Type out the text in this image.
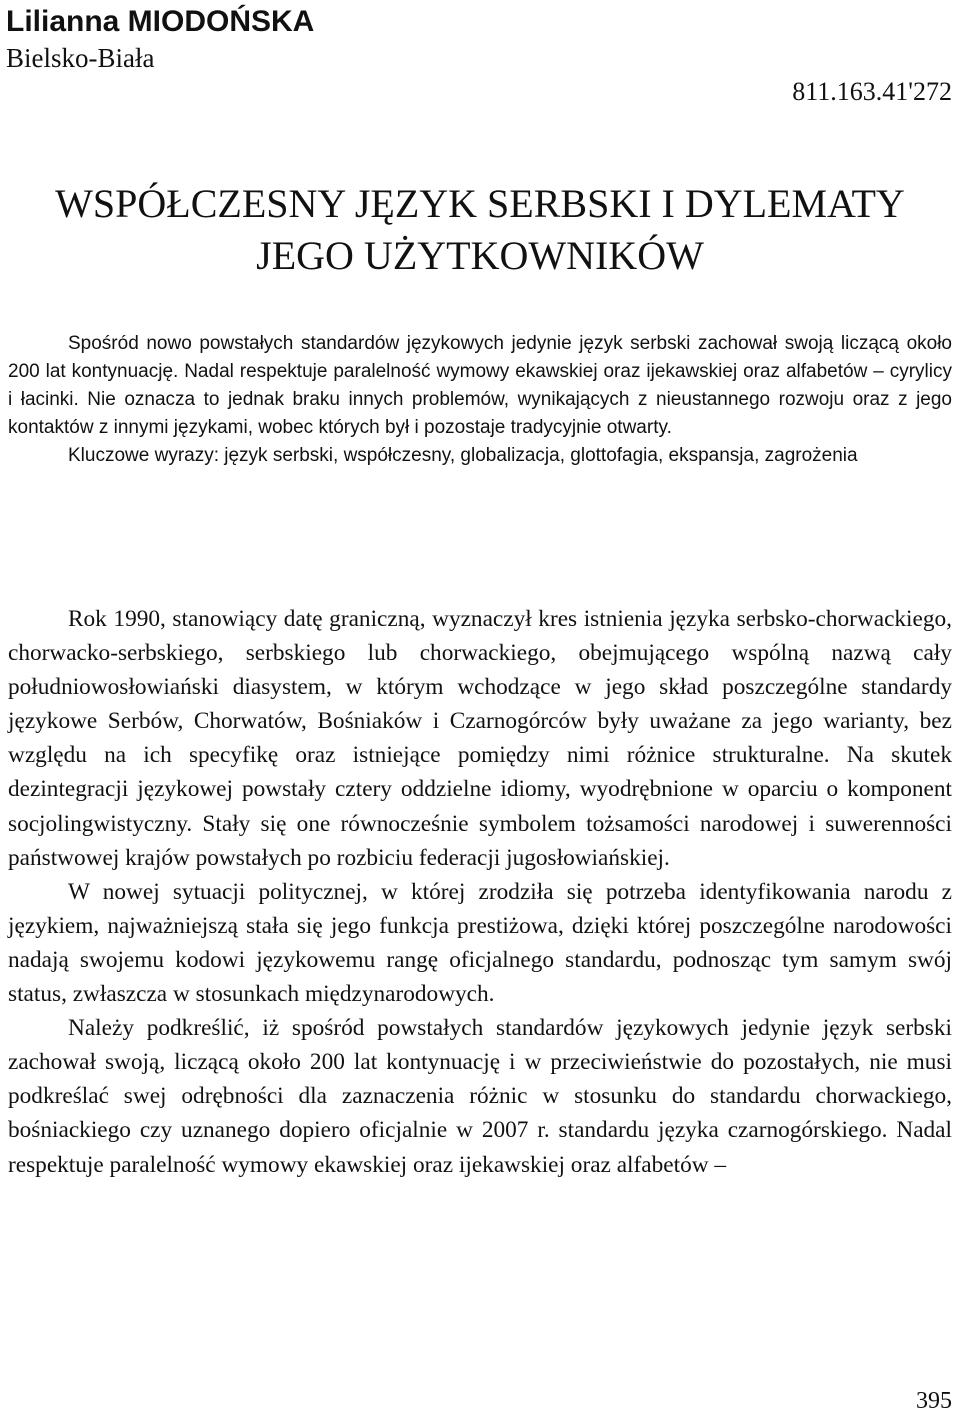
Lilianna MIODOŃSKA
Bielsko-Biała
811.163.41'272
WSPÓŁCZESNY JĘZYK SERBSKI I DYLEMATY
JEGO UŻYTKOWNIKÓW

Spośród nowo powstałych standardów językowych jedynie język serbski zachował swoją liczącą około 200 lat kontynuację. Nadal respektuje paralelność wymowy ekawskiej oraz ijekawskiej oraz alfabetów – cyrylicy i łacinki. Nie oznacza to jednak braku innych problemów, wynikających z nieustannego rozwoju oraz z jego kontaktów z innymi językami, wobec których był i pozostaje tradycyjnie otwarty.

Kluczowe wyrazy: język serbski, współczesny, globalizacja, glottofagia, ekspansja, zagrożenia

Rok 1990, stanowiący datę graniczną, wyznaczył kres istnienia języka serbsko-chorwackiego, chorwacko-serbskiego, serbskiego lub chorwackiego, obejmującego wspólną nazwą cały południowosłowiański diasystem, w którym wchodzące w jego skład poszczególne standardy językowe Serbów, Chorwatów, Bośniaków i Czarnogórców były uważane za jego warianty, bez względu na ich specyfikę oraz istniejące pomiędzy nimi różnice strukturalne. Na skutek dezintegracji językowej powstały cztery oddzielne idiomy, wyodrębnione w oparciu o komponent socjolingwistyczny. Stały się one równocześnie symbolem tożsamości narodowej i suwerenności państwowej krajów powstałych po rozbiciu federacji jugosłowiańskiej.

W nowej sytuacji politycznej, w której zrodziła się potrzeba identyfikowania narodu z językiem, najważniejszą stała się jego funkcja prestiżowa, dzięki której poszczególne narodowości nadają swojemu kodowi językowemu rangę oficjalnego standardu, podnosząc tym samym swój status, zwłaszcza w stosunkach międzynarodowych.

Należy podkreślić, iż spośród powstałych standardów językowych jedynie język serbski zachował swoją, liczącą około 200 lat kontynuację i w przeciwieństwie do pozostałych, nie musi podkreślać swej odrębności dla zaznaczenia różnic w stosunku do standardu chorwackiego, bośniackiego czy uznanego dopiero oficjalnie w 2007 r. standardu języka czarnogórskiego. Nadal respektuje paralelność wymowy ekawskiej oraz ijekawskiej oraz alfabetów –

395
